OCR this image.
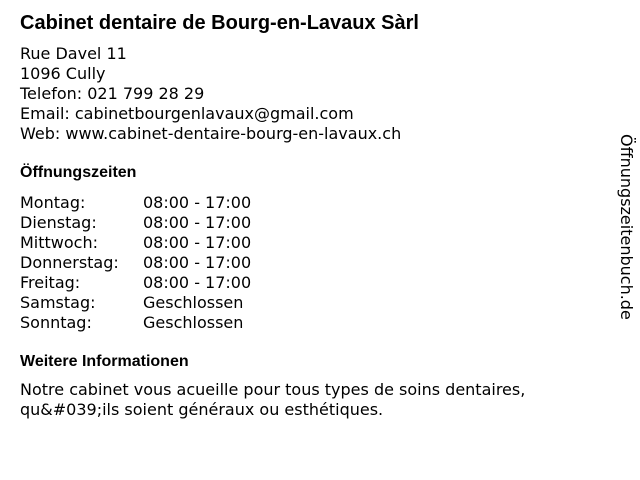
Cabinet dentaire de Bourg-en-Lavaux Sàrl
Rue Davel 11
1096 Cully
Telefon: 021 799 28 29
Email: cabinetbourgenlavaux@gmail.com
Web: www.cabinet-dentaire-bourg-en-lavaux.ch
Öffnungszeiten
Montag:	08:00 - 17:00
Dienstag:	08:00 - 17:00
Mittwoch:	08:00 - 17:00
Donnerstag:	08:00 - 17:00
Freitag:	08:00 - 17:00
Samstag:	Geschlossen
Sonntag:	Geschlossen
Weitere Informationen
Notre cabinet vous acueille pour tous types de soins dentaires, qu&#039;ils soient généraux ou esthétiques.
Öffnungszeitenbuch.de
